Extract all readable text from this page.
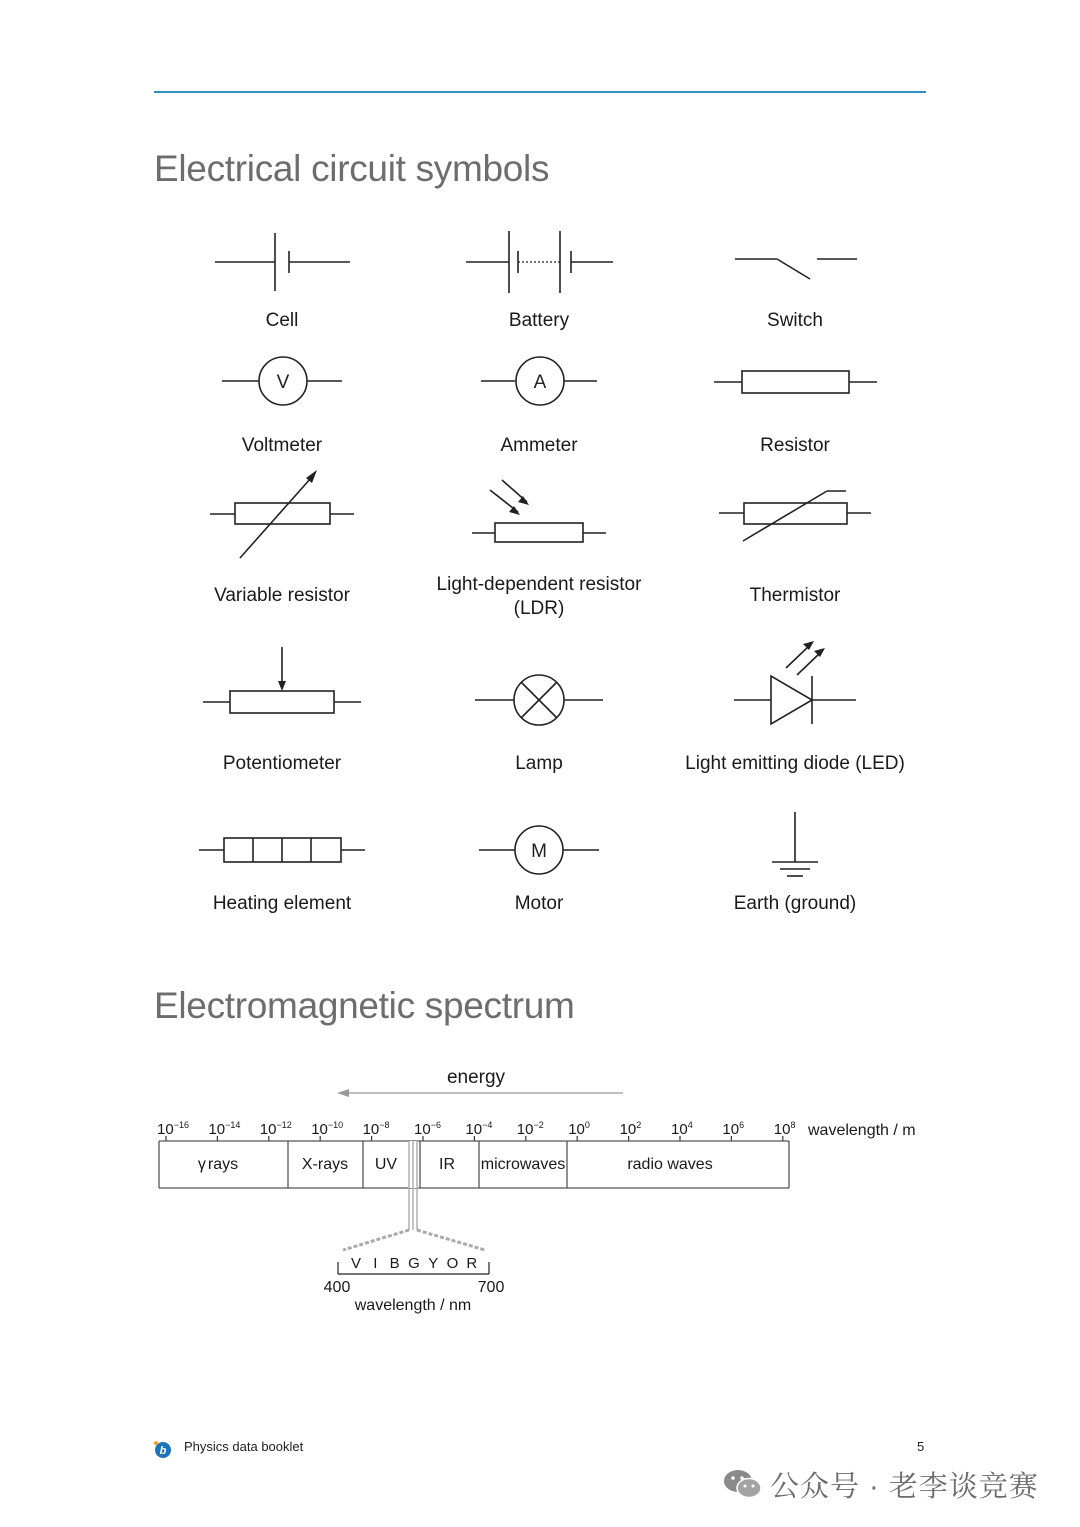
Electrical circuit symbols
Cell	Battery	Switch
V
Voltmeter
A
Ammeter	Resistor
Variable resistor
Light-dependent resistor
(LDR)
Thermistor
Potentiometer	Lamp	Light emitting diode (LED)
Heating element
M
Motor	Earth (ground)
Electromagnetic spectrum
energy
$10^{-16}$ $10^{-14}$ $10^{-12}$ $10^{-10}$ $10^{-8}$ $10^{-6}$ $10^{-4}$ $10^{-2}$ $10^0$ $10^2$ $10^4$ $10^6$ $10^8$ wavelength / m
γ rays	X-rays UV	IR microwaves	radio waves
V I B G Y O R
400	700
wavelength / nm
b Physics data booklet	5
公众号 · 老李谈竞赛
